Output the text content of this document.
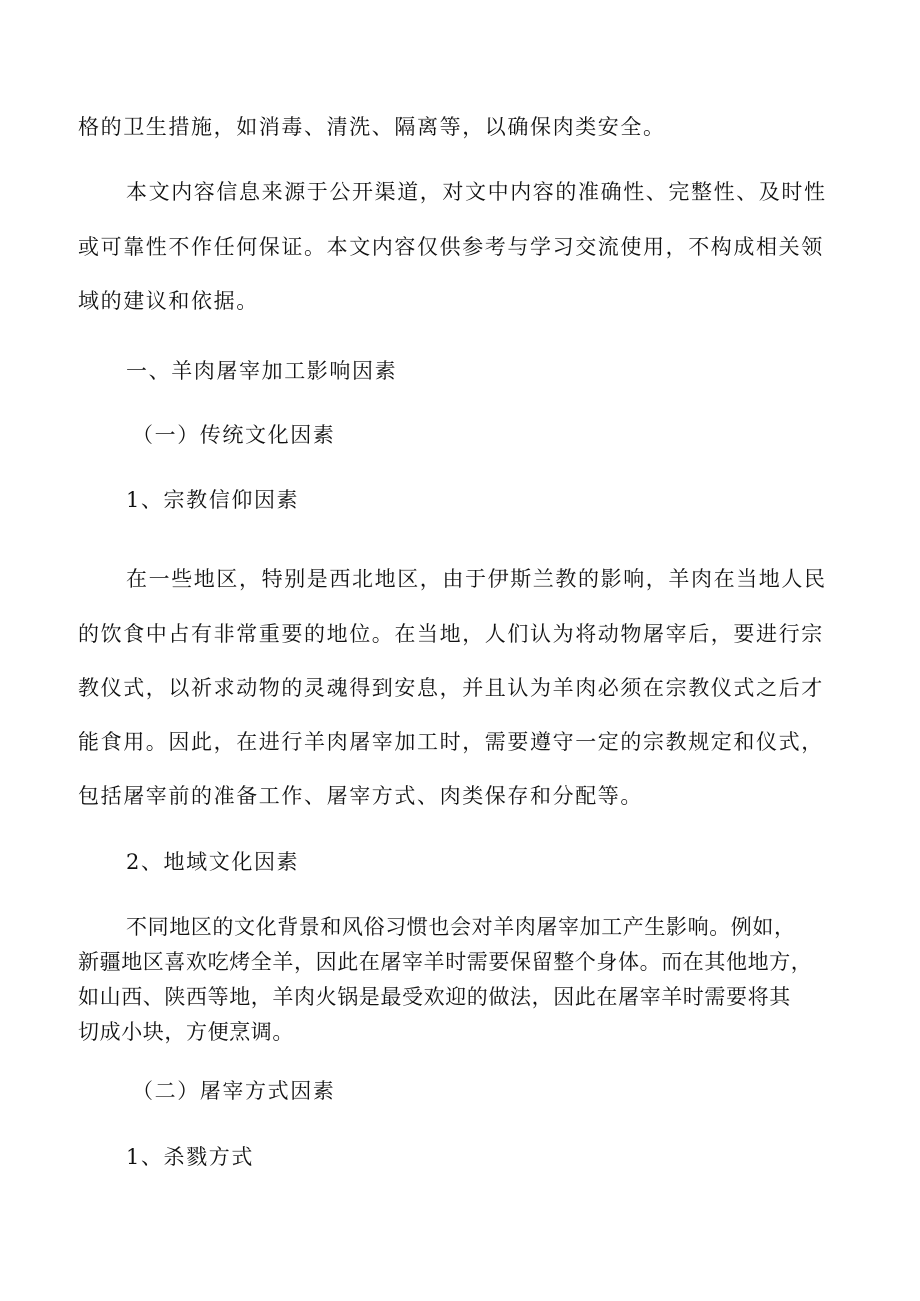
格的卫生措施，如消毒、清洗、隔离等，以确保肉类安全。
本文内容信息来源于公开渠道，对文中内容的准确性、完整性、及时性
或可靠性不作任何保证。本文内容仅供参考与学习交流使用，不构成相关领
域的建议和依据。
一、羊肉屠宰加工影响因素
（一）传统文化因素
1、宗教信仰因素
在一些地区，特别是西北地区，由于伊斯兰教的影响，羊肉在当地人民
的饮食中占有非常重要的地位。在当地，人们认为将动物屠宰后，要进行宗
教仪式，以祈求动物的灵魂得到安息，并且认为羊肉必须在宗教仪式之后才
能食用。因此，在进行羊肉屠宰加工时，需要遵守一定的宗教规定和仪式，
包括屠宰前的准备工作、屠宰方式、肉类保存和分配等。
2、地域文化因素
不同地区的文化背景和风俗习惯也会对羊肉屠宰加工产生影响。例如，
新疆地区喜欢吃烤全羊，因此在屠宰羊时需要保留整个身体。而在其他地方，
如山西、陕西等地，羊肉火锅是最受欢迎的做法，因此在屠宰羊时需要将其
切成小块，方便烹调。
（二）屠宰方式因素
1、杀戮方式
